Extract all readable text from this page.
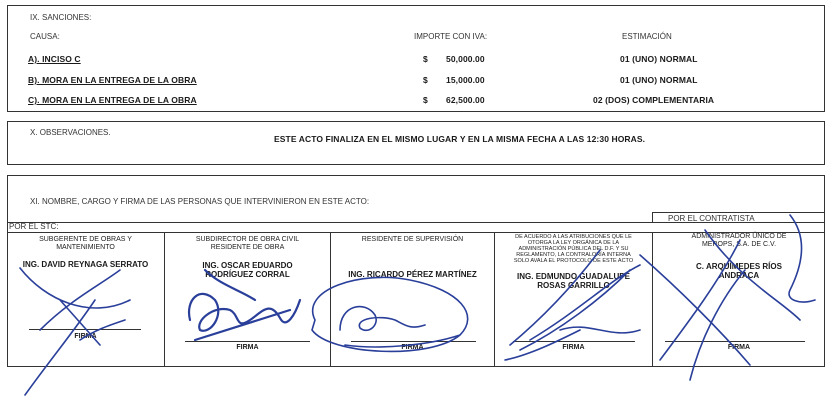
IX. SANCIONES:
CAUSA:	IMPORTE CON IVA:	ESTIMACIÓN
A). INCISO C	$ 50,000.00	01 (UNO) NORMAL
B). MORA EN LA ENTREGA DE LA OBRA	$ 15,000.00	01 (UNO) NORMAL
C). MORA EN LA ENTREGA DE LA OBRA	$ 62,500.00	02 (DOS) COMPLEMENTARIA
X. OBSERVACIONES.
ESTE ACTO FINALIZA EN EL MISMO LUGAR Y EN LA MISMA FECHA A LAS 12:30 HORAS.
XI. NOMBRE, CARGO Y FIRMA DE LAS PERSONAS QUE INTERVINIERON EN ESTE ACTO:
POR EL STC:
POR EL CONTRATISTA
SUBGERENTE DE OBRAS Y
MANTENIMIENTO
ING. DAVID REYNAGA SERRATO
FIRMA
SUBDIRECTOR DE OBRA CIVIL
RESIDENTE DE OBRA
ING. OSCAR EDUARDO
RODRÍGUEZ CORRAL
FIRMA
RESIDENTE DE SUPERVISIÓN
ING. RICARDO PÉREZ MARTÍNEZ
FIRMA
DE ACUERDO A LAS ATRIBUCIONES QUE LE
OTORGA LA LEY ORGÁNICA DE LA
ADMINISTRACIÓN PÚBLICA DEL D.F. Y SU
REGLAMENTO, LA CONTRALORÍA INTERNA
SOLO AVALA EL PROTOCOLO DE ESTE ACTO
ING. EDMUNDO GUADALUPE
ROSAS GARRILLO
FIRMA
ADMINISTRADOR ÚNICO DE
MEROPS, S.A. DE C.V.
C. ARQUÍMEDES RÍOS
ANDRACA
FIRMA
